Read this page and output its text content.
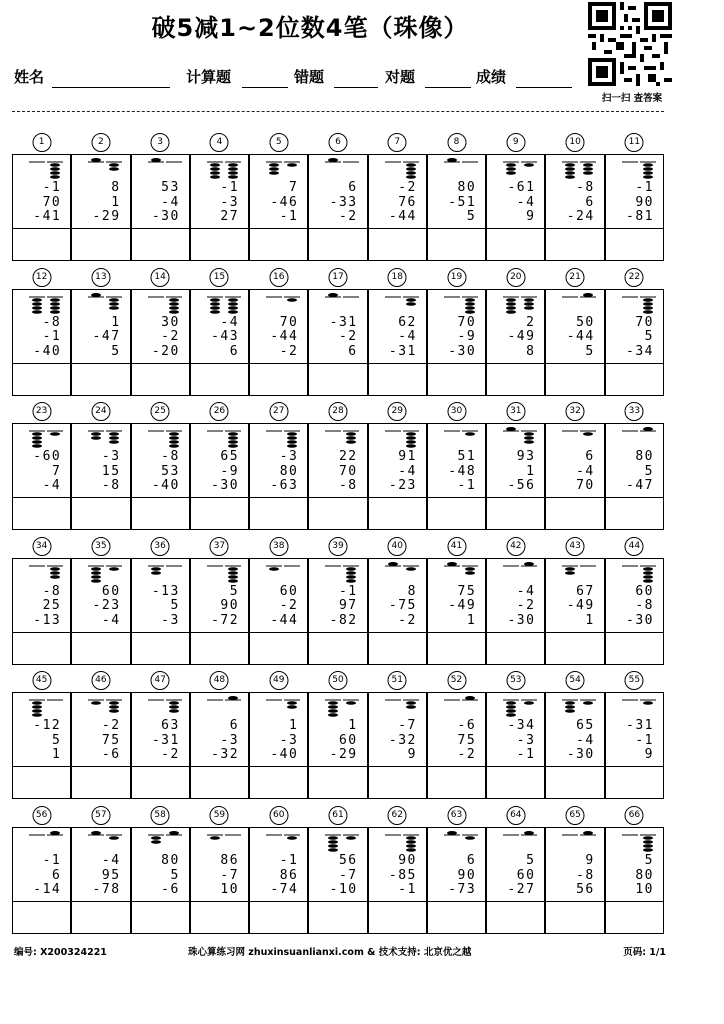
破5减1~2位数4笔（珠像）
扫一扫 查答案
姓名	计算题	错题	对题	成绩
1
-1
70
-41
2
8
1
-29
3
53
-4
-30
4
-1
-3
27
5
7
-46
-1
6
6
-33
-2
7
-2
76
-44
8
80
-51
5
9
-61
-4
9
10
-8
6
-24
11
-1
90
-81
12
-8
-1
-40
13
1
-47
5
14
30
-2
-20
15
-4
-43
6
16
70
-44
-2
17
-31
-2
6
18
62
-4
-31
19
70
-9
-30
20
2
-49
8
21
50
-44
5
22
70
5
-34
23
-60
7
-4
24
-3
15
-8
25
-8
53
-40
26
65
-9
-30
27
-3
80
-63
28
22
70
-8
29
91
-4
-23
30
51
-48
-1
31
93
1
-56
32
6
-4
70
33
80
5
-47
34
-8
25
-13
35
60
-23
-4
36
-13
5
-3
37
5
90
-72
38
60
-2
-44
39
-1
97
-82
40
8
-75
-2
41
75
-49
1
42
-4
-2
-30
43
67
-49
1
44
60
-8
-30
45
-12
5
1
46
-2
75
-6
47
63
-31
-2
48
6
-3
-32
49
1
-3
-40
50
1
60
-29
51
-7
-32
9
52
-6
75
-2
53
-34
-3
-1
54
65
-4
-30
55
-31
-1
9
56
-1
6
-14
57
-4
95
-78
58
80
5
-6
59
86
-7
10
60
-1
86
-74
61
56
-7
-10
62
90
-85
-1
63
6
90
-73
64
5
60
-27
65
9
-8
56
66
5
80
10
编号: X200324221	珠心算练习网 zhuxinsuanlianxi.com & 技术支持: 北京优之越	页码: 1/1
